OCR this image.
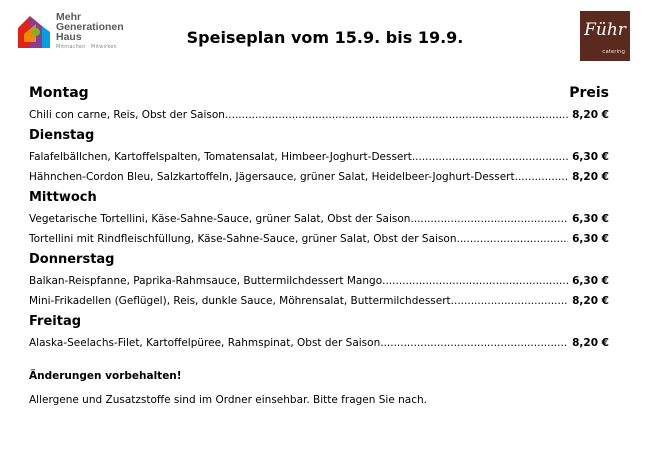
Mehr
Generationen
Haus
Mitmachen · Mitwirken	Speiseplan vom 15.9. bis 19.9.	Führ
catering
Montag	Preis
Chili con carne, Reis, Obst der Saison .....	8,20 €
Dienstag
Falafelbällchen, Kartoffelspalten, Tomatensalat, Himbeer-Joghurt-Dessert .....	6,30 €
Hähnchen-Cordon Bleu, Salzkartoffeln, Jägersauce, grüner Salat, Heidelbeer-Joghurt-Dessert .....	8,20 €
Mittwoch
Vegetarische Tortellini, Käse-Sahne-Sauce, grüner Salat, Obst der Saison .....	6,30 €
Tortellini mit Rindfleischfüllung, Käse-Sahne-Sauce, grüner Salat, Obst der Saison .....	6,30 €
Donnerstag
Balkan-Reispfanne, Paprika-Rahmsauce, Buttermilchdessert Mango .....	6,30 €
Mini-Frikadellen (Geflügel), Reis, dunkle Sauce, Möhrensalat, Buttermilchdessert .....	8,20 €
Freitag
Alaska-Seelachs-Filet, Kartoffelpüree, Rahmspinat, Obst der Saison .....	8,20 €
Änderungen vorbehalten!
Allergene und Zusatzstoffe sind im Ordner einsehbar. Bitte fragen Sie nach.
